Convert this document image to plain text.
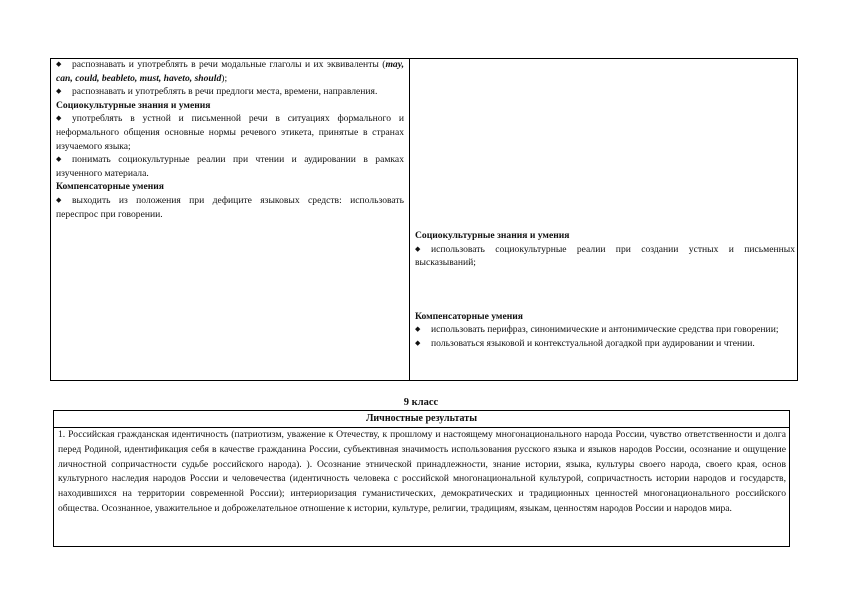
◆ распознавать и употреблять в речи модальные глаголы и их эквиваленты (may, can, could, beableto, must, haveto, should);

◆ распознавать и употреблять в речи предлоги места, времени, направления.

Социокультурные знания и умения

◆ употреблять в устной и письменной речи в ситуациях формального и неформального общения основные нормы речевого этикета, принятые в странах изучаемого языка;

◆ понимать социокультурные реалии при чтении и аудировании в рамках изученного материала.

Компенсаторные умения

◆ выходить из положения при дефиците языковых средств: использовать переспрос при говорении.

Социокультурные знания и умения

◆ использовать социокультурные реалии при создании устных и письменных высказываний;

Компенсаторные умения

◆ использовать перифраз, синонимические и антонимические средства при говорении;

◆ пользоваться языковой и контекстуальной догадкой при аудировании и чтении.

9 класс
Личностные результаты
1. Российская гражданская идентичность (патриотизм, уважение к Отечеству, к прошлому и настоящему многонационального народа России, чувство ответственности и долга перед Родиной, идентификация себя в качестве гражданина России, субъективная значимость использования русского языка и языков народов России, осознание и ощущение личностной сопричастности судьбе российского народа). ). Осознание этнической принадлежности, знание истории, языка, культуры своего народа, своего края, основ культурного наследия народов России и человечества (идентичность человека с российской многонациональной культурой, сопричастность истории народов и государств, находившихся на территории современной России); интериоризация гуманистических, демократических и традиционных ценностей многонационального российского общества. Осознанное, уважительное и доброжелательное отношение к истории, культуре, религии, традициям, языкам, ценностям народов России и народов мира.
